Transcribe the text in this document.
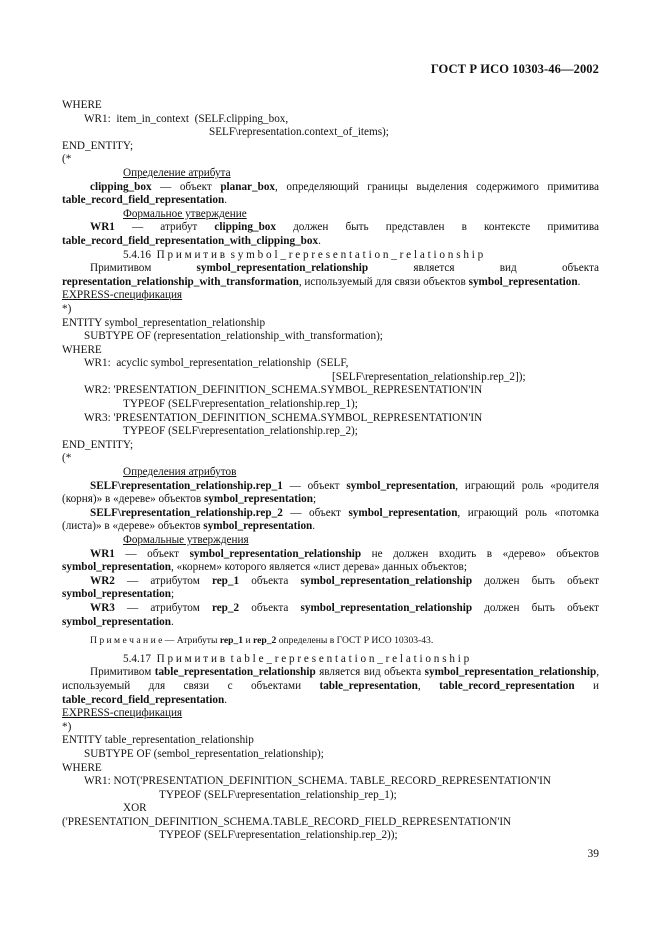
ГОСТ Р ИСО 10303-46—2002
WHERE
WR1:  item_in_context  (SELF.clipping_box,
SELF\representation.context_of_items);
END_ENTITY;
(*
Определение атрибута

clipping_box — объект planar_box, определяющий границы выделения содержимого примитива table_record_field_representation.

Формальное утверждение

WR1 — атрибут clipping_box должен быть представлен в контексте примитива table_record_field_representation_with_clipping_box.

5.4.16 П р и м и т и в  s y m b o l _ r e p r e s e n t a t i o n _ r e l a t i o n s h i p

Примитивом symbol_representation_relationship является вид объекта representation_relationship_with_transformation, используемый для связи объектов symbol_representation.

EXPRESS-спецификация
*)
ENTITY symbol_representation_relationship
SUBTYPE OF (representation_relationship_with_transformation);
WHERE
WR1:  acyclic symbol_representation_relationship  (SELF,
[SELF\representation_relationship.rep_2]);
WR2: 'PRESENTATION_DEFINITION_SCHEMA.SYMBOL_REPRESENTATION'IN
TYPEOF (SELF\representation_relationship.rep_1);
WR3: 'PRESENTATION_DEFINITION_SCHEMA.SYMBOL_REPRESENTATION'IN
TYPEOF (SELF\representation_relationship.rep_2);
END_ENTITY;
(*
Определения атрибутов

SELF\representation_relationship.rep_1 — объект symbol_representation, играющий роль «родителя (корня)» в «дереве» объектов symbol_representation;

SELF\representation_relationship.rep_2 — объект symbol_representation, играющий роль «потомка (листа)» в «дереве» объектов symbol_representation.

Формальные утверждения

WR1 — объект symbol_representation_relationship не должен входить в «дерево» объектов symbol_representation, «корнем» которого является «лист дерева» данных объектов;

WR2 — атрибутом rep_1 объекта symbol_representation_relationship должен быть объект symbol_representation;

WR3 — атрибутом rep_2 объекта symbol_representation_relationship должен быть объект symbol_representation.

П р и м е ч а н и е — Атрибуты rep_1 и rep_2 определены в ГОСТ Р ИСО 10303-43.

5.4.17 П р и м и т и в  t a b l e _ r e p r e s e n t a t i o n _ r e l a t i o n s h i p

Примитивом table_representation_relationship является вид объекта symbol_representation_relationship, используемый для связи с объектами table_representation, table_record_representation и table_record_field_representation.

EXPRESS-спецификация
*)
ENTITY table_representation_relationship
SUBTYPE OF (sembol_representation_relationship);
WHERE
WR1: NOT('PRESENTATION_DEFINITION_SCHEMA. TABLE_RECORD_REPRESENTATION'IN
TYPEOF (SELF\representation_relationship_rep_1);
XOR
('PRESENTATION_DEFINITION_SCHEMA.TABLE_RECORD_FIELD_REPRESENTATION'IN
TYPEOF (SELF\representation_relationship.rep_2));
39
